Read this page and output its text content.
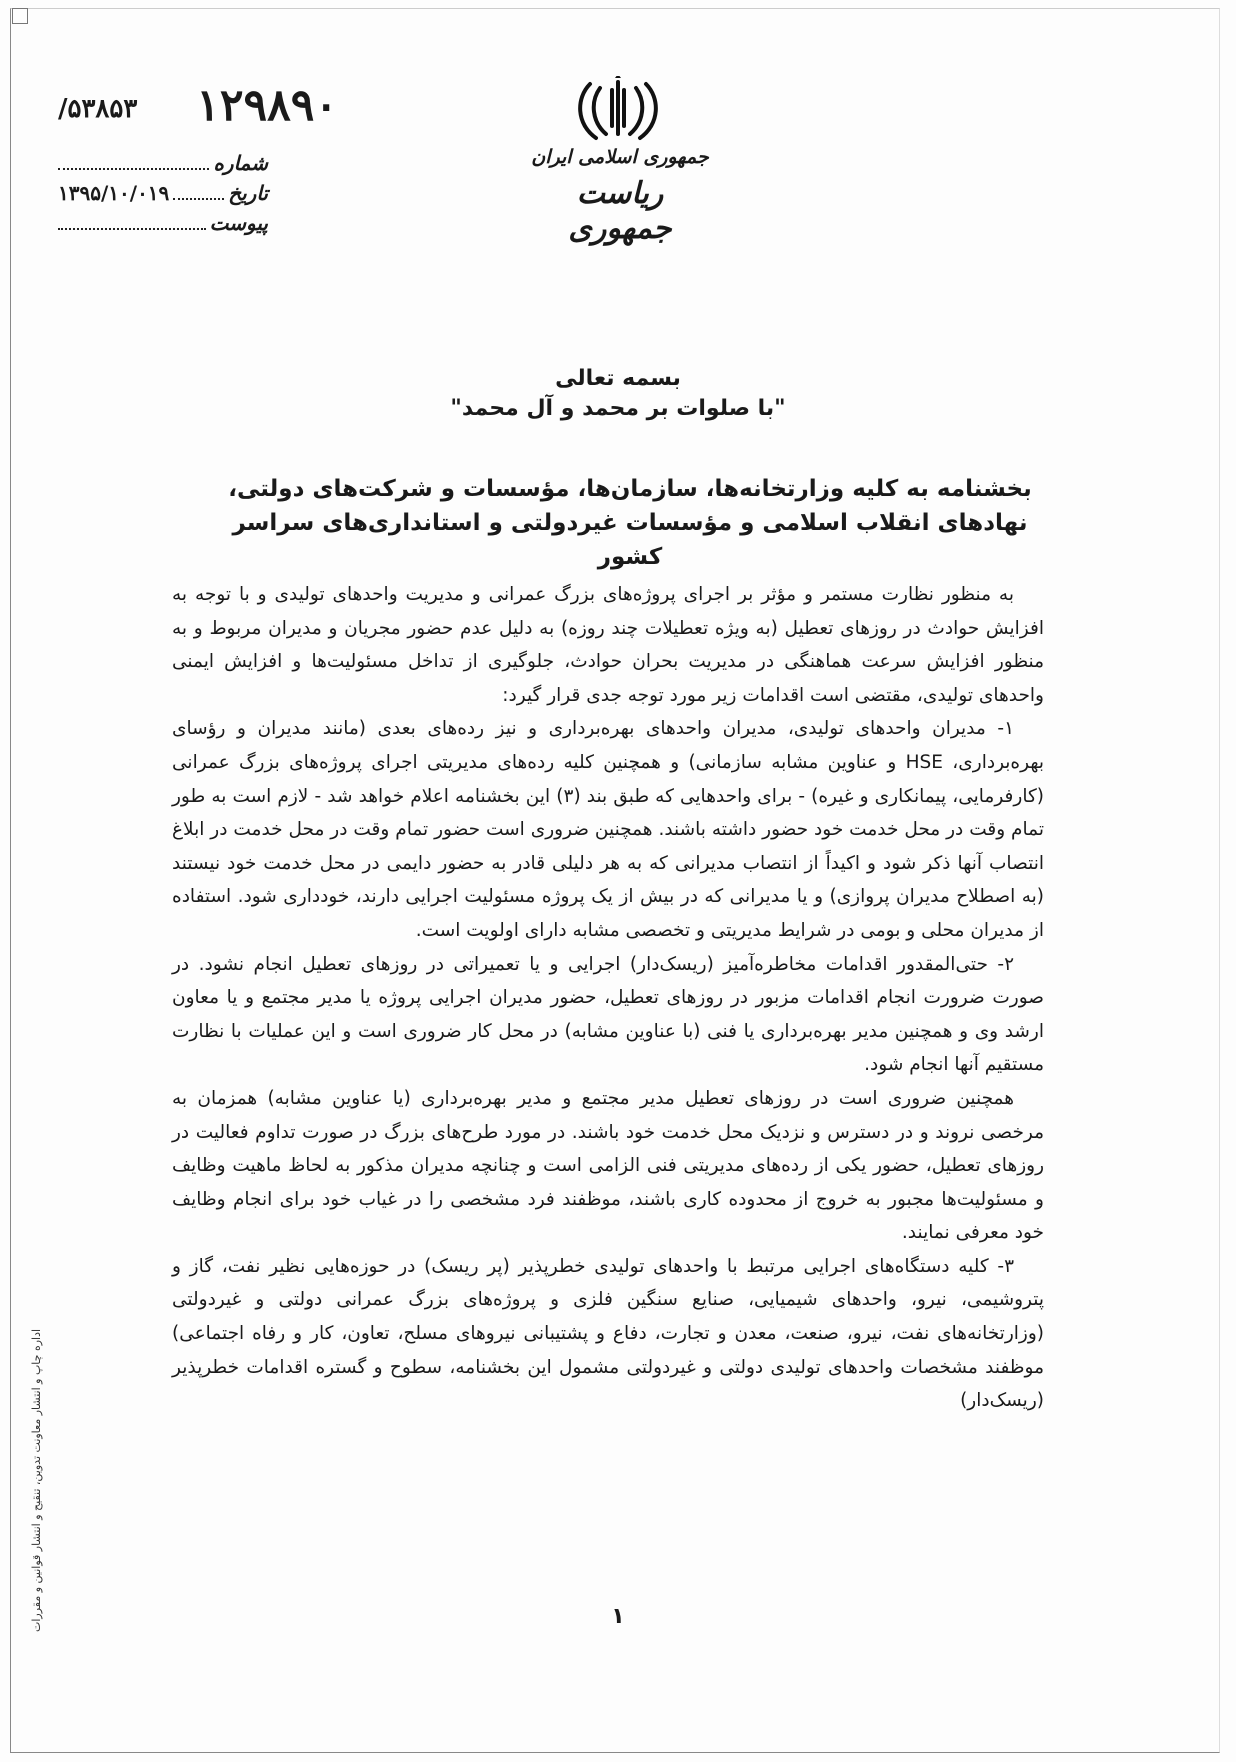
۱۲۹۸۹۰
۵۳۸۵۳/
شماره
تاریخ
۱۳۹۵/۱۰/۰۱۹
پیوست
جمهوری اسلامی ایران
ریاست جمهوری
بسمه تعالی
"با صلوات بر محمد و آل محمد"
بخشنامه به کلیه وزارتخانه‌ها، سازمان‌ها، مؤسسات و شرکت‌های دولتی،
نهادهای انقلاب اسلامی و مؤسسات غیردولتی و استانداری‌های سراسر کشور

به منظور نظارت مستمر و مؤثر بر اجرای پروژه‌های بزرگ عمرانی و مدیریت واحدهای تولیدی و با توجه به افزایش حوادث در روزهای تعطیل (به ویژه تعطیلات چند روزه) به دلیل عدم حضور مجریان و مدیران مربوط و به منظور افزایش سرعت هماهنگی در مدیریت بحران حوادث، جلوگیری از تداخل مسئولیت‌ها و افزایش ایمنی واحدهای تولیدی، مقتضی است اقدامات زیر مورد توجه جدی قرار گیرد:

۱- مدیران واحدهای تولیدی، مدیران واحدهای بهره‌برداری و نیز رده‌های بعدی (مانند مدیران و رؤسای بهره‌برداری، HSE و عناوین مشابه سازمانی) و همچنین کلیه رده‌های مدیریتی اجرای پروژه‌های بزرگ عمرانی (کارفرمایی، پیمانکاری و غیره) - برای واحدهایی که طبق بند (۳) این بخشنامه اعلام خواهد شد - لازم است به طور تمام وقت در محل خدمت خود حضور داشته باشند. همچنین ضروری است حضور تمام وقت در محل خدمت در ابلاغ انتصاب آنها ذکر شود و اکیداً از انتصاب مدیرانی که به هر دلیلی قادر به حضور دایمی در محل خدمت خود نیستند (به اصطلاح مدیران پروازی) و یا مدیرانی که در بیش از یک پروژه مسئولیت اجرایی دارند، خودداری شود. استفاده از مدیران محلی و بومی در شرایط مدیریتی و تخصصی مشابه دارای اولویت است.

۲- حتی‌المقدور اقدامات مخاطره‌آمیز (ریسک‌دار) اجرایی و یا تعمیراتی در روزهای تعطیل انجام نشود. در صورت ضرورت انجام اقدامات مزبور در روزهای تعطیل، حضور مدیران اجرایی پروژه یا مدیر مجتمع و یا معاون ارشد وی و همچنین مدیر بهره‌برداری یا فنی (با عناوین مشابه) در محل کار ضروری است و این عملیات با نظارت مستقیم آنها انجام شود.

همچنین ضروری است در روزهای تعطیل مدیر مجتمع و مدیر بهره‌برداری (یا عناوین مشابه) همزمان به مرخصی نروند و در دسترس و نزدیک محل خدمت خود باشند. در مورد طرح‌های بزرگ در صورت تداوم فعالیت در روزهای تعطیل، حضور یکی از رده‌های مدیریتی فنی الزامی است و چنانچه مدیران مذکور به لحاظ ماهیت وظایف و مسئولیت‌ها مجبور به خروج از محدوده کاری باشند، موظفند فرد مشخصی را در غیاب خود برای انجام وظایف خود معرفی نمایند.

۳- کلیه دستگاه‌های اجرایی مرتبط با واحدهای تولیدی خطرپذیر (پر ریسک) در حوزه‌هایی نظیر نفت، گاز و پتروشیمی، نیرو، واحدهای شیمیایی، صنایع سنگین فلزی و پروژه‌های بزرگ عمرانی دولتی و غیردولتی (وزارتخانه‌های نفت، نیرو، صنعت، معدن و تجارت، دفاع و پشتیبانی نیروهای مسلح، تعاون، کار و رفاه اجتماعی) موظفند مشخصات واحدهای تولیدی دولتی و غیردولتی مشمول این بخشنامه، سطوح و گستره اقدامات خطرپذیر (ریسک‌دار)

اداره چاپ و انتشار معاونت تدوین، تنقیح و انتشار قوانین و مقررات	۱
